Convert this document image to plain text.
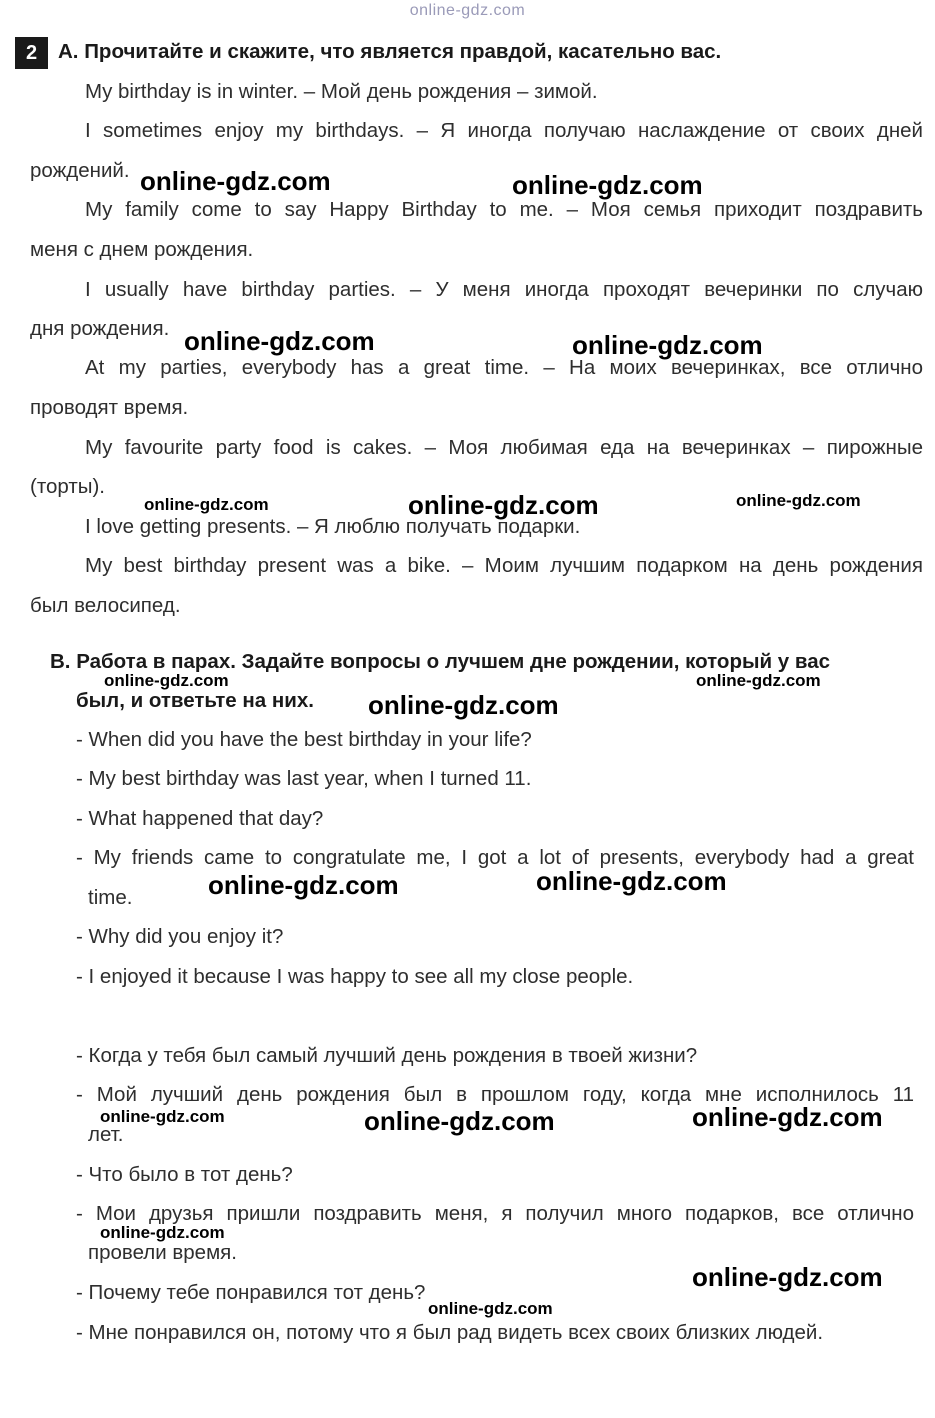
online-gdz.com
2	A. Прочитайте и скажите, что является правдой, касательно вас.
My birthday is in winter. – Мой день рождения – зимой.
I sometimes enjoy my birthdays. – Я иногда получаю наслаждение от своих дней
рождений.
My family come to say Happy Birthday to me. – Моя семья приходит поздравить
меня с днем рождения.
I usually have birthday parties. – У меня иногда проходят вечеринки по случаю
дня рождения.
At my parties, everybody has a great time. – На моих вечеринках, все отлично
проводят время.
My favourite party food is cakes. – Моя любимая еда на вечеринках – пирожные
(торты).
I love getting presents. – Я люблю получать подарки.
My best birthday present was a bike. – Моим лучшим подарком на день рождения
был велосипед.
B. Работа в парах. Задайте вопросы о лучшем дне рождении, который у вас
был, и ответьте на них.
- When did you have the best birthday in your life?
- My best birthday was last year, when I turned 11.
- What happened that day?
- My friends came to congratulate me, I got a lot of presents, everybody had a great
time.
- Why did you enjoy it?
- I enjoyed it because I was happy to see all my close people.
- Когда у тебя был самый лучший день рождения в твоей жизни?
- Мой лучший день рождения был в прошлом году, когда мне исполнилось 11
лет.
- Что было в тот день?
- Мои друзья пришли поздравить меня, я получил много подарков, все отлично
провели время.
- Почему тебе понравился тот день?
- Мне понравился он, потому что я был рад видеть всех своих близких людей.
online-gdz.com	online-gdz.com
online-gdz.com	online-gdz.com
online-gdz.com	online-gdz.com	online-gdz.com
online-gdz.com	online-gdz.com
online-gdz.com
online-gdz.com	online-gdz.com
online-gdz.com	online-gdz.com	online-gdz.com
online-gdz.com
online-gdz.com
online-gdz.com
